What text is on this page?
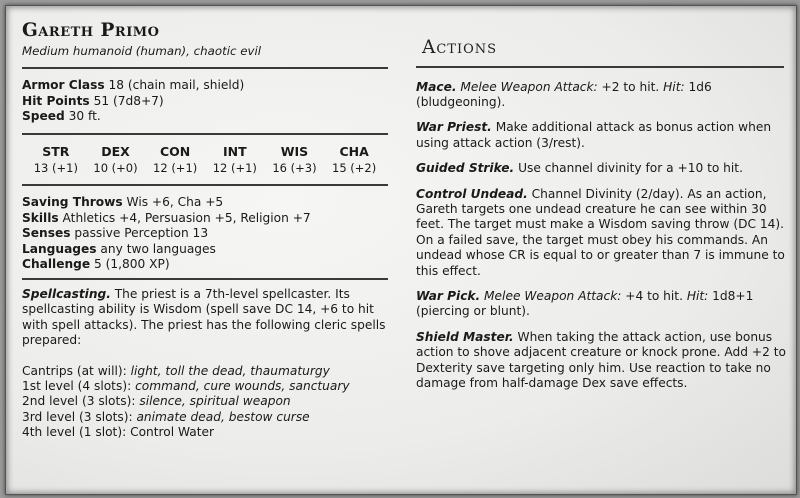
Gareth Primo
Medium humanoid (human), chaotic evil
Armor Class 18 (chain mail, shield)
Hit Points 51 (7d8+7)
Speed 30 ft.
STR
13 (+1)
DEX
10 (+0)
CON
12 (+1)
INT
12 (+1)
WIS
16 (+3)
CHA
15 (+2)
Saving Throws Wis +6, Cha +5
Skills Athletics +4, Persuasion +5, Religion +7
Senses passive Perception 13
Languages any two languages
Challenge 5 (1,800 XP)
Spellcasting. The priest is a 7th-level spellcaster. Its spellcasting ability is Wisdom (spell save DC 14, +6 to hit with spell attacks). The priest has the following cleric spells prepared:
Cantrips (at will): light, toll the dead, thaumaturgy
1st level (4 slots): command, cure wounds, sanctuary
2nd level (3 slots): silence, spiritual weapon
3rd level (3 slots): animate dead, bestow curse
4th level (1 slot): Control Water
Actions
Mace. Melee Weapon Attack: +2 to hit. Hit: 1d6 (bludgeoning).
War Priest. Make additional attack as bonus action when using attack action (3/rest).
Guided Strike. Use channel divinity for a +10 to hit.
Control Undead. Channel Divinity (2/day). As an action, Gareth targets one undead creature he can see within 30 feet. The target must make a Wisdom saving throw (DC 14). On a failed save, the target must obey his commands. An undead whose CR is equal to or greater than 7 is immune to this effect.
War Pick. Melee Weapon Attack: +4 to hit. Hit: 1d8+1 (piercing or blunt).
Shield Master. When taking the attack action, use bonus action to shove adjacent creature or knock prone. Add +2 to Dexterity save targeting only him. Use reaction to take no damage from half-damage Dex save effects.
